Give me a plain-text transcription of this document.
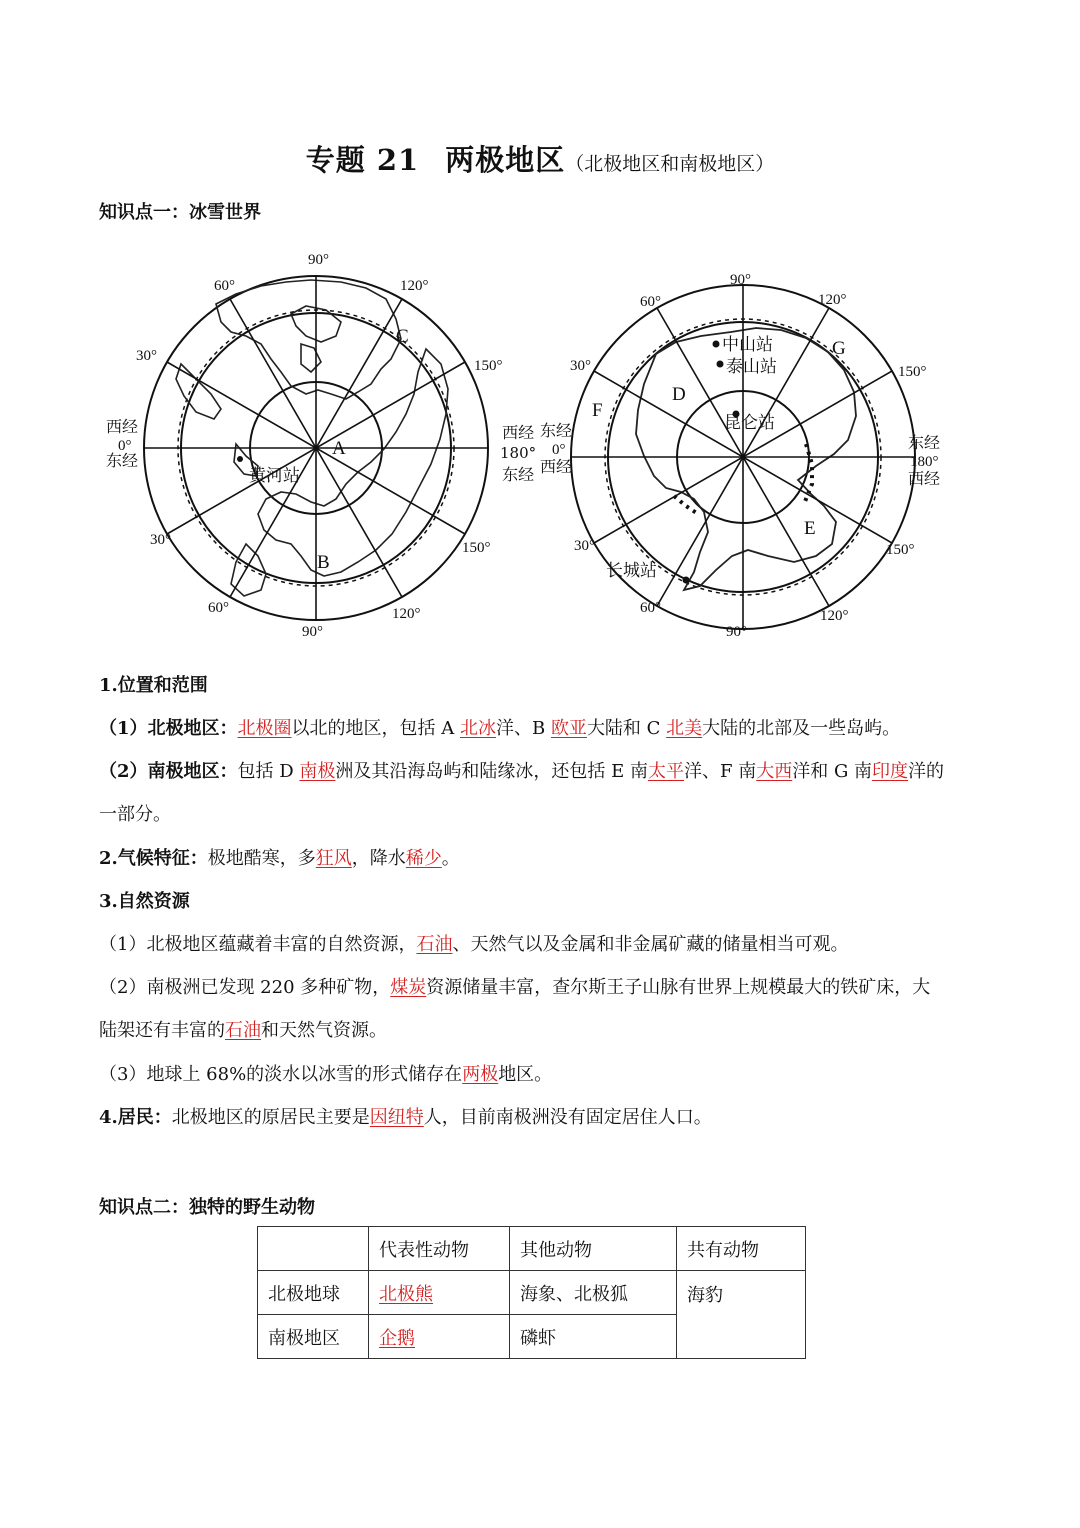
专题 21 两极地区（北极地区和南极地区）
知识点一：冰雪世界
90°
60°	120°
30°
150°
西经
0°
东经
30°	150°
60°	120°
90°
A
B
C
黄河站
90°
60°	120°
30°	150°
东经
0°
西经
东经
180°
西经
30°	150°
60°	120°
90°
D
E
F
G
中山站
泰山站
昆仑站
长城站
西经
180°
东经
1.位置和范围
（1）北极地区：北极圈以北的地区，包括 A 北冰洋、B 欧亚大陆和 C 北美大陆的北部及一些岛屿。
（2）南极地区：包括 D 南极洲及其沿海岛屿和陆缘冰，还包括 E 南太平洋、F 南大西洋和 G 南印度洋的
一部分。
2.气候特征：极地酷寒，多狂风，降水稀少。
3.自然资源
（1）北极地区蕴藏着丰富的自然资源，石油、天然气以及金属和非金属矿藏的储量相当可观。
（2）南极洲已发现 220 多种矿物，煤炭资源储量丰富，查尔斯王子山脉有世界上规模最大的铁矿床，大
陆架还有丰富的石油和天然气资源。
（3）地球上 68%的淡水以冰雪的形式储存在两极地区。
4.居民：北极地区的原居民主要是因纽特人，目前南极洲没有固定居住人口。
知识点二：独特的野生动物
	代表性动物	其他动物	共有动物
北极地球	北极熊	海象、北极狐	海豹
南极地区	企鹅	磷虾	
